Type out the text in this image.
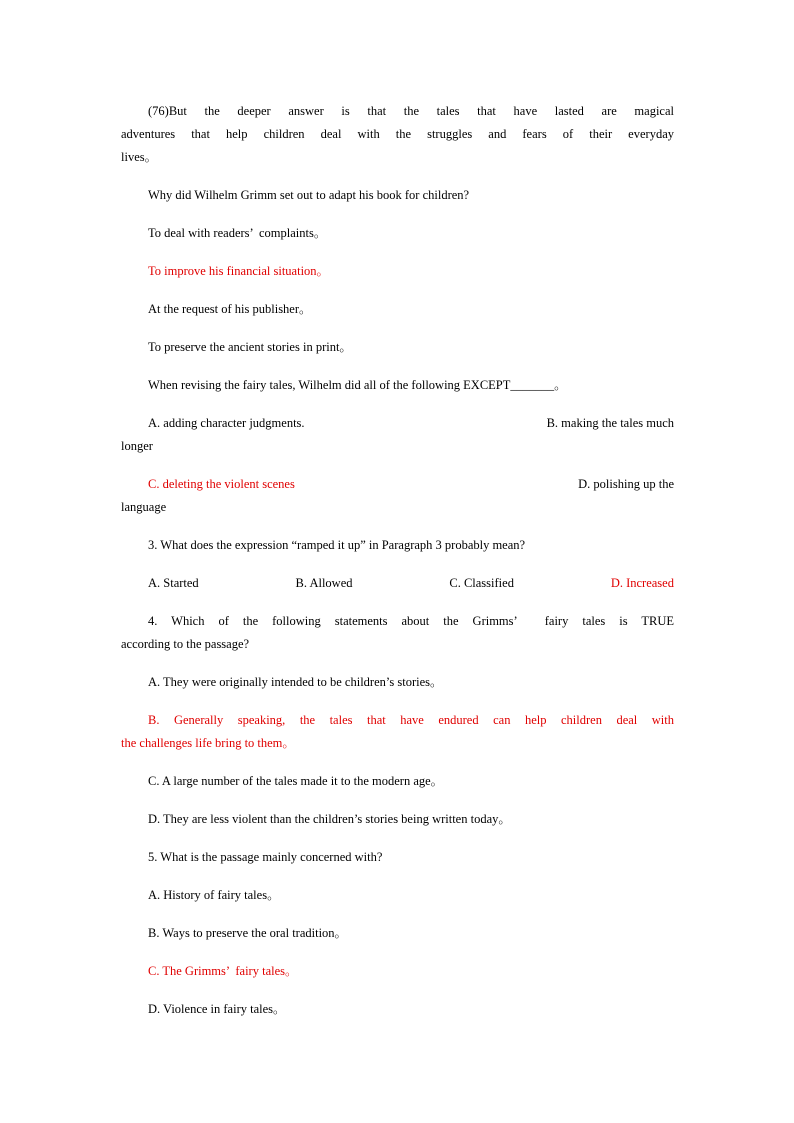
(76)But the deeper answer is that the tales that have lasted are magical

adventures that help children deal with the struggles and fears of their everyday

lives。

Why did Wilhelm Grimm set out to adapt his book for children?

To deal with readers’  complaints。

To improve his financial situation。

At the request of his publisher。

To preserve the ancient stories in print。

When revising the fairy tales, Wilhelm did all of the following EXCEPT_______。

A. adding character judgments.	B. making the tales much

longer

C. deleting the violent scenes	D. polishing up the

language

3. What does the expression “ramped it up” in Paragraph 3 probably mean?

A. Started	B. Allowed	C. Classified	D. Increased

4. Which of the following statements about the Grimms’  fairy tales is TRUE

according to the passage?

A. They were originally intended to be children’s stories。

B. Generally speaking, the tales that have endured can help children deal with

the challenges life bring to them。

C. A large number of the tales made it to the modern age。

D. They are less violent than the children’s stories being written today。

5. What is the passage mainly concerned with?

A. History of fairy tales。

B. Ways to preserve the oral tradition。

C. The Grimms’  fairy tales。

D. Violence in fairy tales。
